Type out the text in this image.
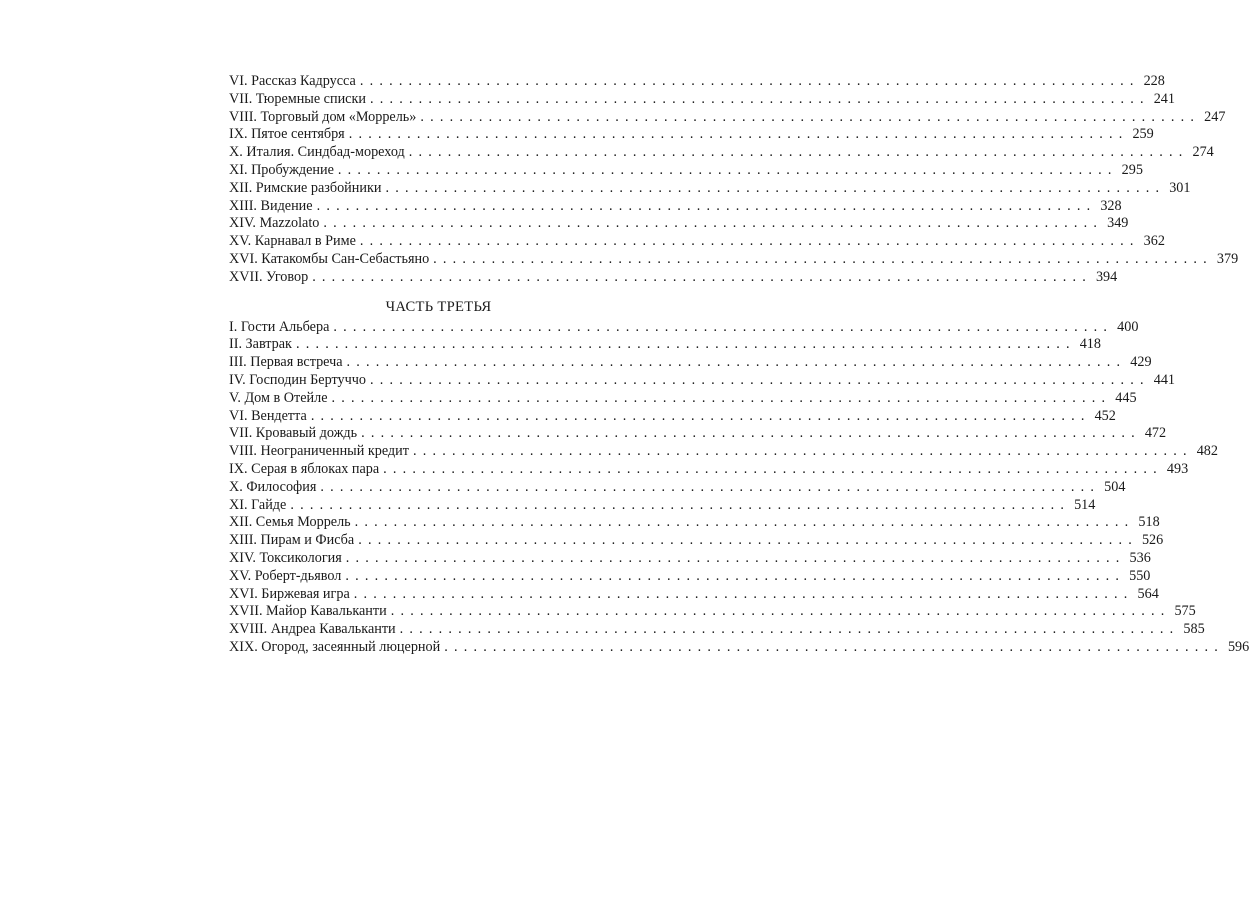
VI. Рассказ Кадрусса ................................................................................ 228
VII. Тюремные списки ................................................................................ 241
VIII. Торговый дом «Моррель» ................................................................................ 247
IX. Пятое сентября ................................................................................ 259
X. Италия. Синдбад-мореход ................................................................................ 274
XI. Пробуждение ................................................................................ 295
XII. Римские разбойники ................................................................................ 301
XIII. Видение ................................................................................ 328
XIV. Mazzolato ................................................................................ 349
XV. Карнавал в Риме ................................................................................ 362
XVI. Катакомбы Сан-Себастьяно ................................................................................ 379
XVII. Уговор ................................................................................ 394
ЧАСТЬ ТРЕТЬЯ
I. Гости Альбера ................................................................................ 400
II. Завтрак ................................................................................ 418
III. Первая встреча ................................................................................ 429
IV. Господин Бертуччо ................................................................................ 441
V. Дом в Отейле ................................................................................ 445
VI. Вендетта ................................................................................ 452
VII. Кровавый дождь ................................................................................ 472
VIII. Неограниченный кредит ................................................................................ 482
IX. Серая в яблоках пара ................................................................................ 493
X. Философия ................................................................................ 504
XI. Гайде ................................................................................ 514
XII. Семья Моррель ................................................................................ 518
XIII. Пирам и Фисба ................................................................................ 526
XIV. Токсикология ................................................................................ 536
XV. Роберт-дьявол ................................................................................ 550
XVI. Биржевая игра ................................................................................ 564
XVII. Майор Кавальканти ................................................................................ 575
XVIII. Андреа Кавальканти ................................................................................ 585
XIX. Огород, засеянный люцерной ................................................................................ 596
